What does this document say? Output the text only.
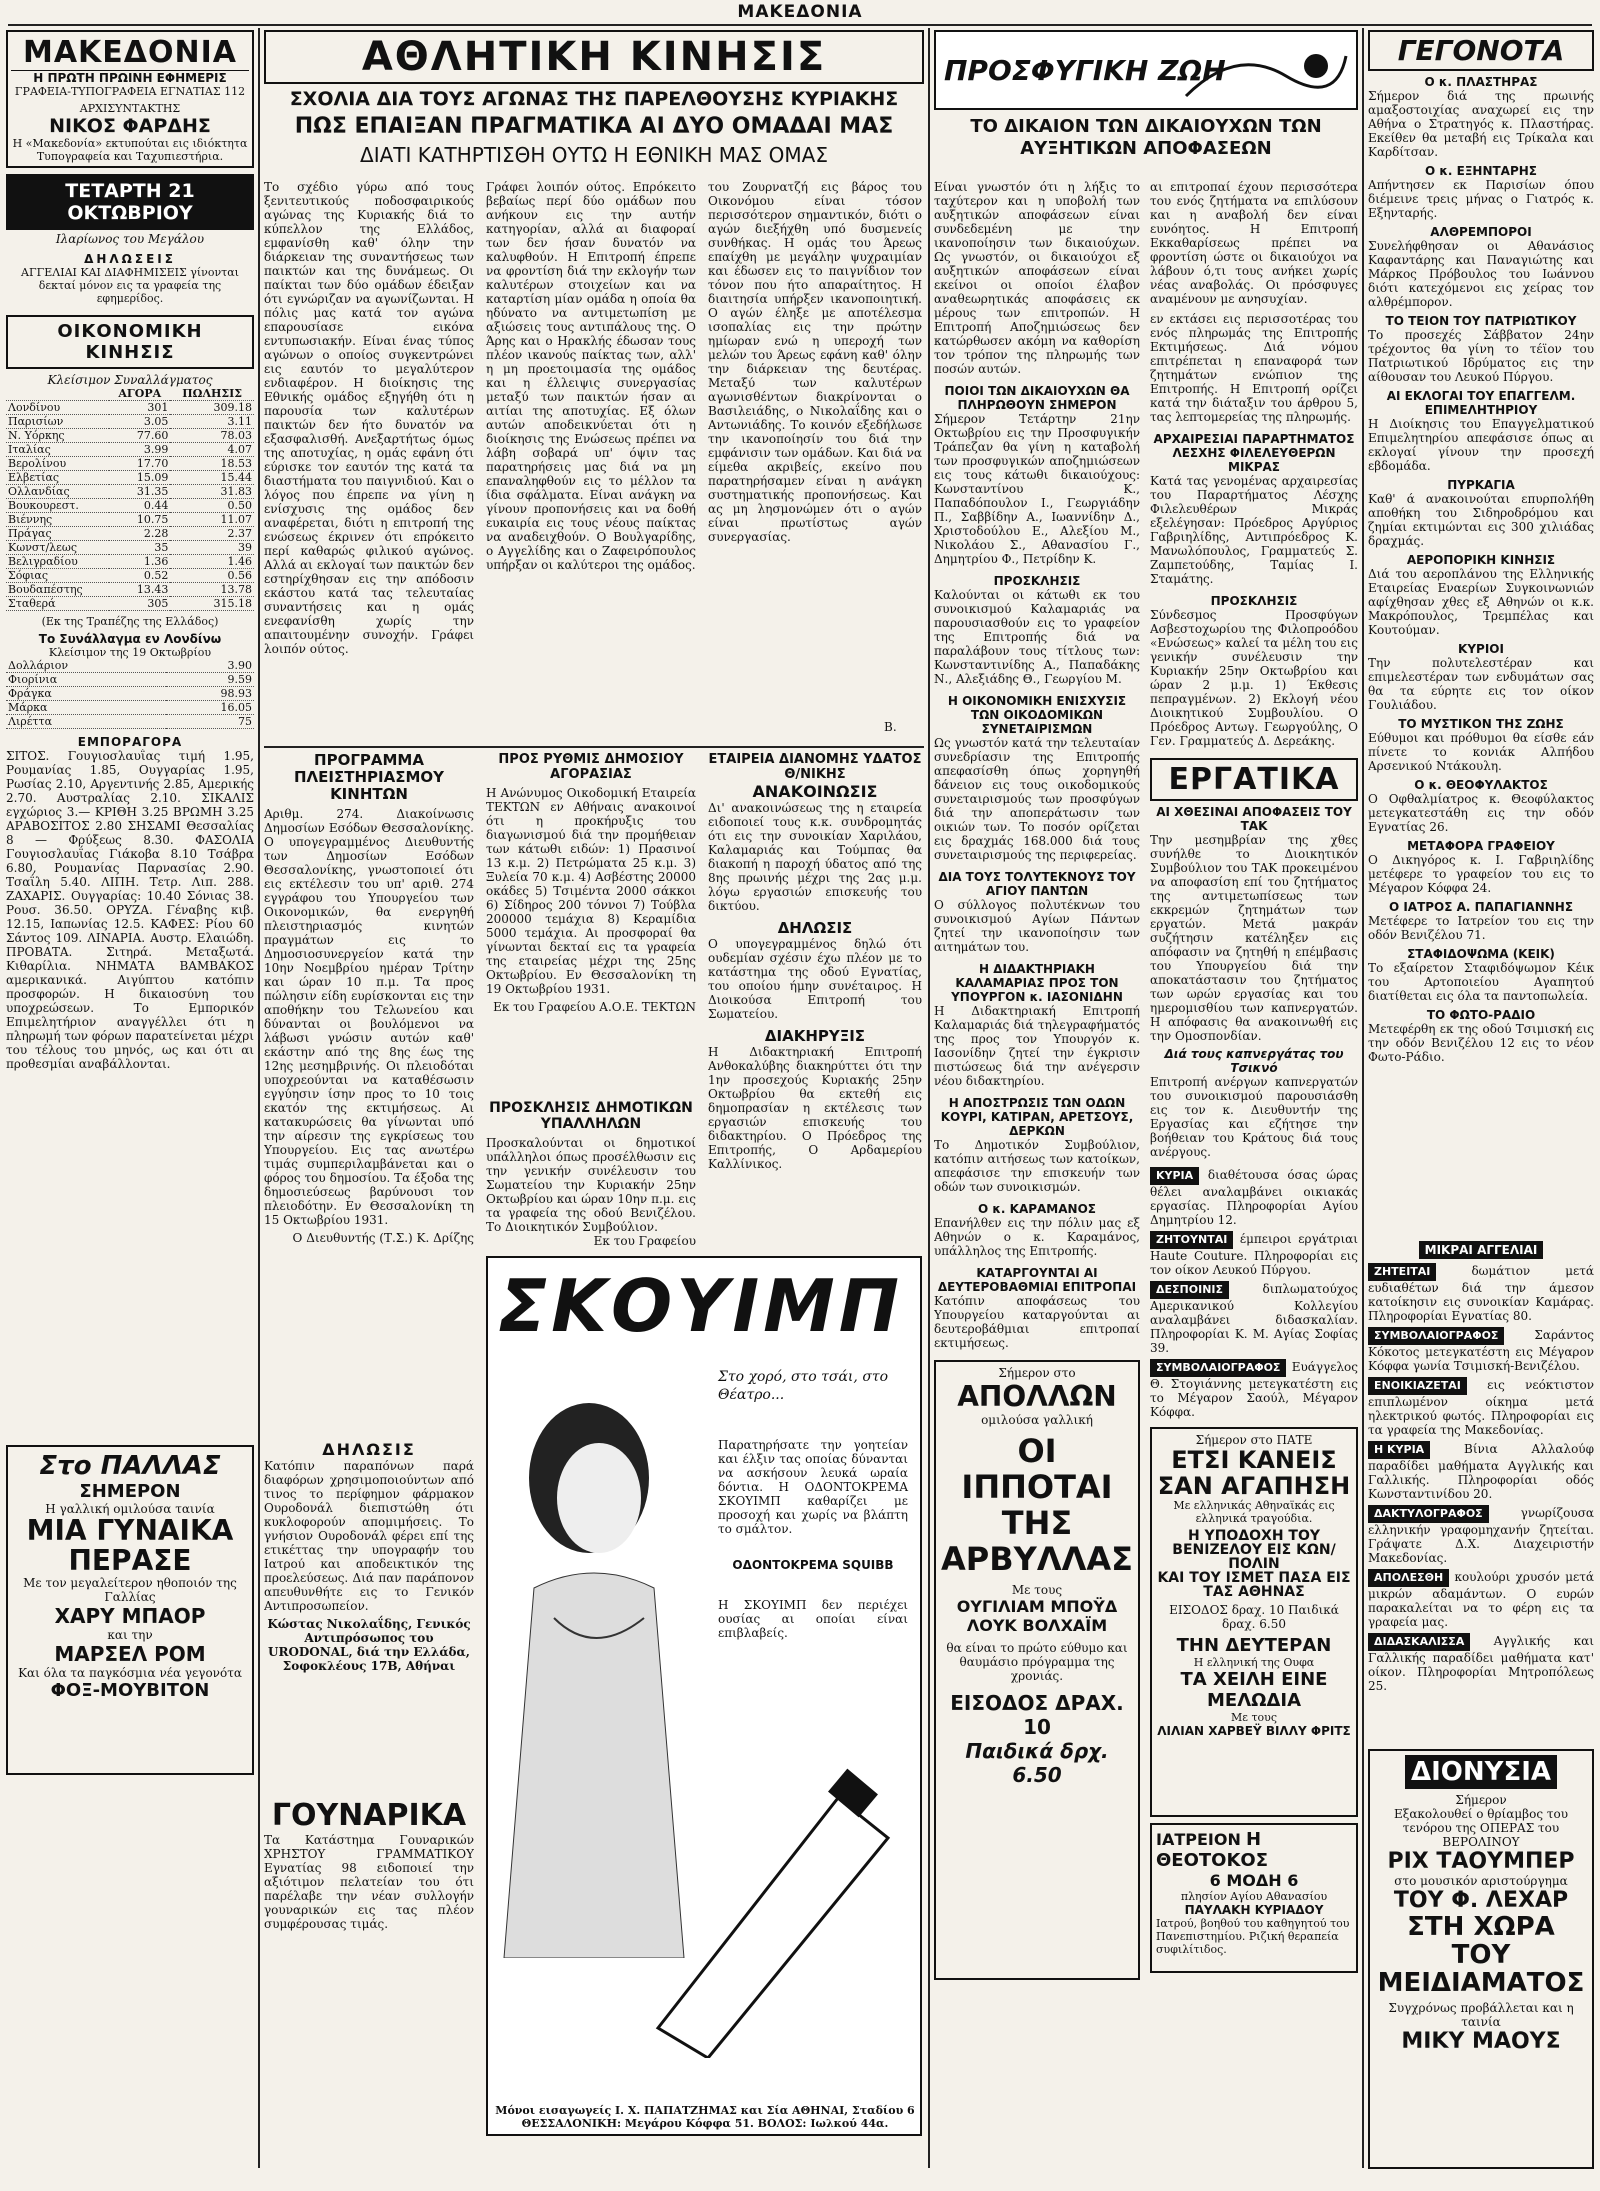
ΜΑΚΕΔΟΝΙΑ
ΜΑΚΕΔΟΝΙΑ
Η ΠΡΩΤΗ ΠΡΩΙΝΗ ΕΦΗΜΕΡΙΣ
ΓΡΑΦΕΙΑ-ΤΥΠΟΓΡΑΦΕΙΑ ΕΓΝΑΤΙΑΣ 112
ΑΡΧΙΣΥΝΤΑΚΤΗΣ
ΝΙΚΟΣ ΦΑΡΔΗΣ
Η «Μακεδονία» εκτυπούται εις ιδιόκτητα Τυπογραφεία και Ταχυπιεστήρια.
ΤΕΤΑΡΤΗ 21 ΟΚΤΩΒΡΙΟΥ
Ιλαρίωνος του Μεγάλου
ΔΗΛΩΣΕΙΣ
ΑΓΓΕΛΙΑΙ ΚΑΙ ΔΙΑΦΗΜΙΣΕΙΣ γίνονται δεκταί μόνον εις τα γραφεία της εφημερίδος.
ΟΙΚΟΝΟΜΙΚΗ ΚΙΝΗΣΙΣ
Κλείσιμον Συναλλάγματος
	ΑΓΟΡΑ	ΠΩΛΗΣΙΣ
Λονδίνου	301	309.18
Παρισίων	3.05	3.11
Ν. Υόρκης	77.60	78.03
Ιταλίας	3.99	4.07
Βερολίνου	17.70	18.53
Ελβετίας	15.09	15.44
Ολλανδίας	31.35	31.83
Βουκουρεστ.	0.44	0.50
Βιέννης	10.75	11.07
Πράγας	2.28	2.37
Κωνστ/λεως	35	39
Βελιγραδίου	1.36	1.46
Σόφιας	0.52	0.56
Βουδαπέστης	13.43	13.78
Σταθερά	305	315.18
(Εκ της Τραπέζης της Ελλάδος)
Το Συνάλλαγμα εν Λονδίνω
Κλείσιμον της 19 Οκτωβρίου
Δολλάριον	3.90
Φιορίνια	9.59
Φράγκα	98.93
Μάρκα	16.05
Λιρέττα	75
ΕΜΠΟΡΑΓΟΡΑ
ΣΙΤΟΣ. Γουγιοσλαυΐας τιμή 1.95, Ρουμανίας 1.85, Ουγγαρίας 1.95, Ρωσίας 2.10, Αργεντινής 2.85, Αμερικής 2.70. Αυστραλίας 2.10. ΣΙΚΑΛΙΣ εγχώριος 3.— ΚΡΙΘΗ 3.25 ΒΡΩΜΗ 3.25 ΑΡΑΒΟΣΙΤΟΣ 2.80 ΣΗΣΑΜΙ Θεσσαλίας 8 — Φρύξεως 8.30. ΦΑΣΟΛΙΑ Γουγιοσλαυΐας Γιάκοβα 8.10 Τσάβρα 6.80, Ρουμανίας Παρνασίας 2.90. Τσαΐλη 5.40. ΛΙΠΗ. Τετρ. Λιπ. 288. ΖΑΧΑΡΙΣ. Ουγγαρίας: 10.40 Σόνιας 38. Ρουσ. 36.50. ΟΡΥΖΑ. Γέναβης κιβ. 12.15, Ιαπωνίας 12.5. ΚΑΦΕΣ: Ρίου 60 Σάντος 109. ΛΙΝΑΡΙΑ. Αυστρ. Ελαιώδη. ΠΡΟΒΑΤΑ. Σιτηρά. Μεταξωτά. Κιθαρίλια. ΝΗΜΑΤΑ ΒΑΜΒΑΚΟΣ αμερικανικά. Αιγύπτου κατόπιν προσφορών. Η δικαιοσύνη του υποχρεώσεων. Το Εμπορικόν Επιμελητήριον αναγγέλλει ότι η πληρωμή των φόρων παρατείνεται μέχρι του τέλους του μηνός, ως και ότι αι προθεσμίαι αναβάλλονται.
Στο ΠΑΛΛΑΣ
ΣΗΜΕΡΟΝ
Η γαλλική ομιλούσα ταινία
ΜΙΑ ΓΥΝΑΙΚΑ ΠΕΡΑΣΕ
Με τον μεγαλείτερον ηθοποιόν της Γαλλίας
ΧΑΡΥ ΜΠΑΟΡ
και την
ΜΑΡΣΕΛ ΡΟΜ
Και όλα τα παγκόσμια νέα γεγονότα
ΦΟΞ-ΜΟΥΒΙΤΟΝ
ΑΘΛΗΤΙΚΗ ΚΙΝΗΣΙΣ
ΣΧΟΛΙΑ ΔΙΑ ΤΟΥΣ ΑΓΩΝΑΣ ΤΗΣ ΠΑΡΕΛΘΟΥΣΗΣ ΚΥΡΙΑΚΗΣ
ΠΩΣ ΕΠΑΙΞΑΝ ΠΡΑΓΜΑΤΙΚΑ ΑΙ ΔΥΟ ΟΜΑΔΑΙ ΜΑΣ
ΔΙΑΤΙ ΚΑΤΗΡΤΙΣΘΗ ΟΥΤΩ Η ΕΘΝΙΚΗ ΜΑΣ ΟΜΑΣ
Το σχέδιο γύρω από τους ξενιτευτικούς ποδοσφαιρικούς αγώνας της Κυριακής διά το κύπελλον της Ελλάδος, εμφανίσθη καθ' όλην την διάρκειαν της συναντήσεως των παικτών και της δυνάμεως. Οι παίκται των δύο ομάδων έδειξαν ότι εγνώριζαν να αγωνίζωνται. Η πόλις μας κατά τον αγώνα επαρουσίασε εικόνα εντυπωσιακήν. Είναι ένας τύπος αγώνων ο οποίος συγκεντρώνει εις εαυτόν το μεγαλύτερον ενδιαφέρον. Η διοίκησις της Εθνικής ομάδος εξηγήθη ότι η παρουσία των καλυτέρων παικτών δεν ήτο δυνατόν να εξασφαλισθή. Ανεξαρτήτως όμως της αποτυχίας, η ομάς εφάνη ότι εύρισκε τον εαυτόν της κατά τα διαστήματα του παιγνιδιού. Και ο λόγος που έπρεπε να γίνη η ενίσχυσις της ομάδος δεν αναφέρεται, διότι η επιτροπή της ενώσεως έκρινεν ότι επρόκειτο περί καθαρώς φιλικού αγώνος. Αλλά αι εκλογαί των παικτών δεν εστηρίχθησαν εις την απόδοσιν εκάστου κατά τας τελευταίας συναντήσεις και η ομάς ενεφανίσθη χωρίς την απαιτουμένην συνοχήν. Γράφει λοιπόν ούτος.
Γράφει λοιπόν ούτος. Επρόκειτο βεβαίως περί δύο ομάδων που ανήκουν εις την αυτήν κατηγορίαν, αλλά αι διαφοραί των δεν ήσαν δυνατόν να καλυφθούν. Η Επιτροπή έπρεπε να φροντίση διά την εκλογήν των καλυτέρων στοιχείων και να καταρτίση μίαν ομάδα η οποία θα ηδύνατο να αντιμετωπίση με αξιώσεις τους αντιπάλους της. Ο Άρης και ο Ηρακλής έδωσαν τους πλέον ικανούς παίκτας των, αλλ' η μη προετοιμασία της ομάδος και η έλλειψις συνεργασίας μεταξύ των παικτών ήσαν αι αιτίαι της αποτυχίας. Εξ όλων αυτών αποδεικνύεται ότι η διοίκησις της Ενώσεως πρέπει να λάβη σοβαρά υπ' όψιν τας παρατηρήσεις μας διά να μη επαναληφθούν εις το μέλλον τα ίδια σφάλματα. Είναι ανάγκη να γίνουν προπονήσεις και να δοθή ευκαιρία εις τους νέους παίκτας να αναδειχθούν. Ο Βουλγαρίδης, ο Αγγελίδης και ο Ζαφειρόπουλος υπήρξαν οι καλύτεροι της ομάδος.
του Ζουρνατζή εις βάρος του Οικονόμου είναι τόσον περισσότερον σημαντικόν, διότι ο αγών διεξήχθη υπό δυσμενείς συνθήκας. Η ομάς του Άρεως επαίχθη με μεγάλην ψυχραιμίαν και έδωσεν εις το παιγνίδιον τον τόνον που ήτο απαραίτητος. Η διαιτησία υπήρξεν ικανοποιητική. Ο αγών έληξε με αποτέλεσμα ισοπαλίας εις την πρώτην ημίωραν ενώ η υπεροχή των μελών του Άρεως εφάνη καθ' όλην την διάρκειαν της δευτέρας. Μεταξύ των καλυτέρων αγωνισθέντων διακρίνονται ο Βασιλειάδης, ο Νικολαΐδης και ο Αντωνιάδης. Το κοινόν εξεδήλωσε την ικανοποίησίν του διά την εμφάνισιν των ομάδων. Και διά να είμεθα ακριβείς, εκείνο που παρατηρήσαμεν είναι η ανάγκη συστηματικής προπονήσεως. Και ας μη λησμονώμεν ότι ο αγών είναι πρωτίστως αγών συνεργασίας.
Β.
ΠΡΟΓΡΑΜΜΑ ΠΛΕΙΣΤΗΡΙΑΣΜΟΥ ΚΙΝΗΤΩΝ
Αριθμ. 274. Διακοίνωσις Δημοσίων Εσόδων Θεσσαλονίκης. Ο υπογεγραμμένος Διευθυντής των Δημοσίων Εσόδων Θεσσαλονίκης, γνωστοποιεί ότι εις εκτέλεσιν του υπ' αριθ. 274 εγγράφου του Υπουργείου των Οικονομικών, θα ενεργηθή πλειστηριασμός κινητών πραγμάτων εις το Δημοσιοσυνεργείον κατά την 10ην Νοεμβρίου ημέραν Τρίτην και ώραν 10 π.μ. Τα προς πώλησιν είδη ευρίσκονται εις την αποθήκην του Τελωνείου και δύνανται οι βουλόμενοι να λάβωσι γνώσιν αυτών καθ' εκάστην από της 8ης έως της 12ης μεσημβρινής. Οι πλειοδόται υποχρεούνται να καταθέσωσιν εγγύησιν ίσην προς το 10 τοις εκατόν της εκτιμήσεως. Αι κατακυρώσεις θα γίνωνται υπό την αίρεσιν της εγκρίσεως του Υπουργείου. Εις τας ανωτέρω τιμάς συμπεριλαμβάνεται και ο φόρος του δημοσίου. Τα έξοδα της δημοσιεύσεως βαρύνουσι τον πλειοδότην. Εν Θεσσαλονίκη τη 15 Οκτωβρίου 1931.
Ο Διευθυντής (Τ.Σ.) Κ. Δρίζης
ΠΡΟΣ ΡΥΘΜΙΣ ΔΗΜΟΣΙΟΥ ΑΓΟΡΑΣΙΑΣ
Η Ανώνυμος Οικοδομική Εταιρεία ΤΕΚΤΩΝ εν Αθήναις ανακοινοί ότι η προκήρυξις του διαγωνισμού διά την προμήθειαν των κάτωθι ειδών: 1) Πρασινοί 13 κ.μ. 2) Πετρώματα 25 κ.μ. 3) Ξυλεία 70 κ.μ. 4) Ασβέστης 20000 οκάδες 5) Τσιμέντα 2000 σάκκοι 6) Σίδηρος 200 τόννοι 7) Τούβλα 200000 τεμάχια 8) Κεραμίδια 5000 τεμάχια. Αι προσφοραί θα γίνωνται δεκταί εις τα γραφεία της εταιρείας μέχρι της 25ης Οκτωβρίου. Εν Θεσσαλονίκη τη 19 Οκτωβρίου 1931.
Εκ του Γραφείου Α.Ο.Ε. ΤΕΚΤΩΝ
ΕΤΑΙΡΕΙΑ ΔΙΑΝΟΜΗΣ ΥΔΑΤΟΣ Θ/ΝΙΚΗΣ
ΑΝΑΚΟΙΝΩΣΙΣ
Δι' ανακοινώσεως της η εταιρεία ειδοποιεί τους κ.κ. συνδρομητάς ότι εις την συνοικίαν Χαριλάου, Καλαμαριάς και Τούμπας θα διακοπή η παροχή ύδατος από της 8ης πρωινής μέχρι της 2ας μ.μ. λόγω εργασιών επισκευής του δικτύου.
ΔΗΛΩΣΙΣ
Ο υπογεγραμμένος δηλώ ότι ουδεμίαν σχέσιν έχω πλέον με το κατάστημα της οδού Εγνατίας, του οποίου ήμην συνέταιρος. Η Διοικούσα Επιτροπή του Σωματείου.
ΔΙΑΚΗΡΥΞΙΣ
Η Διδακτηριακή Επιτροπή Ανθοκαλύβης διακηρύττει ότι την 1ην προσεχούς Κυριακής 25ην Οκτωβρίου θα εκτεθή εις δημοπρασίαν η εκτέλεσις των εργασιών επισκευής του διδακτηρίου. Ο Πρόεδρος της Επιτροπής, Ο Αρδαμερίου Καλλίνικος.
ΠΡΟΣΚΛΗΣΙΣ ΔΗΜΟΤΙΚΩΝ ΥΠΑΛΛΗΛΩΝ
Προσκαλούνται οι δημοτικοί υπάλληλοι όπως προσέλθωσιν εις την γενικήν συνέλευσιν του Σωματείου την Κυριακήν 25ην Οκτωβρίου και ώραν 10ην π.μ. εις τα γραφεία της οδού Βενιζέλου. Το Διοικητικόν Συμβούλιον.
Εκ του Γραφείου
ΣΚΟΥΙΜΠ
Στο χορό, στο τσάι, στο Θέατρο...
Παρατηρήσατε την γοητείαν και έλξιν τας οποίας δύνανται να ασκήσουν λευκά ωραία δόντια. Η ΟΔΟΝΤΟΚΡΕΜΑ ΣΚΟΥΙΜΠ καθαρίζει με προσοχή και χωρίς να βλάπτη το σμάλτον.
ΟΔΟΝΤΟΚΡΕΜΑ SQUIBB
Η ΣΚΟΥΙΜΠ δεν περιέχει ουσίας αι οποίαι είναι επιβλαβείς.
Μόνοι εισαγωγείς Ι. Χ. ΠΑΠΑΤΖΗΜΑΣ και Σία ΑΘΗΝΑΙ, Σταδίου 6 ΘΕΣΣΑΛΟΝΙΚΗ: Μεγάρου Κόφφα 51. ΒΟΛΟΣ: Ιωλκού 44α.
ΔΗΛΩΣΙΣ
Κατόπιν παραπόνων παρά διαφόρων χρησιμοποιούντων από τινος το περίφημον φάρμακον Ουροδονάλ διεπιστώθη ότι κυκλοφορούν απομιμήσεις. Το γνήσιον Ουροδονάλ φέρει επί της ετικέττας την υπογραφήν του Ιατρού και αποδεικτικόν της προελεύσεως. Διά παν παράπονον απευθυνθήτε εις το Γενικόν Αντιπροσωπείον.
Κώστας Νικολαΐδης, Γενικός Αντιπρόσωπος του URODONAL, διά την Ελλάδα, Σοφοκλέους 17Β, Αθήναι
ΓΟΥΝΑΡΙΚΑ
Τα Κατάστημα Γουναρικών ΧΡΗΣΤΟΥ ΓΡΑΜΜΑΤΙΚΟΥ Εγνατίας 98 ειδοποιεί την αξιότιμον πελατείαν του ότι παρέλαβε την νέαν συλλογήν γουναρικών εις τας πλέον συμφέρουσας τιμάς.
ΠΡΟΣΦΥΓΙΚΗ ΖΩΗ
ΤΟ ΔΙΚΑΙΟΝ ΤΩΝ ΔΙΚΑΙΟΥΧΩΝ ΤΩΝ ΑΥΞΗΤΙΚΩΝ ΑΠΟΦΑΣΕΩΝ
Είναι γνωστόν ότι η λήξις το ταχύτερον και η υποβολή των αυξητικών αποφάσεων είναι συνδεδεμένη με την ικανοποίησιν των δικαιούχων. Ως γνωστόν, οι δικαιούχοι εξ αυξητικών αποφάσεων είναι εκείνοι οι οποίοι έλαβον αναθεωρητικάς αποφάσεις εκ μέρους των επιτροπών. Η Επιτροπή Αποζημιώσεως δεν κατώρθωσεν ακόμη να καθορίση τον τρόπον της πληρωμής των ποσών αυτών.
ΠΟΙΟΙ ΤΩΝ ΔΙΚΑΙΟΥΧΩΝ ΘΑ ΠΛΗΡΩΘΟΥΝ ΣΗΜΕΡΟΝ
Σήμερον Τετάρτην 21ην Οκτωβρίου εις την Προσφυγικήν Τράπεζαν θα γίνη η καταβολή των προσφυγικών αποζημιώσεων εις τους κάτωθι δικαιούχους: Κωνσταντίνου Κ., Παπαδόπουλον Ι., Γεωργιάδην Π., Σαββίδην Α., Ιωαννίδην Δ., Χριστοδούλου Ε., Αλεξίου Μ., Νικολάου Σ., Αθανασίου Γ., Δημητρίου Φ., Πετρίδην Κ.
ΠΡΟΣΚΛΗΣΙΣ
Καλούνται οι κάτωθι εκ του συνοικισμού Καλαμαριάς να παρουσιασθούν εις το γραφείον της Επιτροπής διά να παραλάβουν τους τίτλους των: Κωνσταντινίδης Α., Παπαδάκης Ν., Αλεξιάδης Θ., Γεωργίου Μ.
Η ΟΙΚΟΝΟΜΙΚΗ ΕΝΙΣΧΥΣΙΣ ΤΩΝ ΟΙΚΟΔΟΜΙΚΩΝ ΣΥΝΕΤΑΙΡΙΣΜΩΝ
Ως γνωστόν κατά την τελευταίαν συνεδρίασιν της Επιτροπής απεφασίσθη όπως χορηγηθή δάνειον εις τους οικοδομικούς συνεταιρισμούς των προσφύγων διά την αποπεράτωσιν των οικιών των. Το ποσόν ορίζεται εις δραχμάς 168.000 διά τους συνεταιρισμούς της περιφερείας.
ΔΙΑ ΤΟΥΣ ΤΟΛΥΤΕΚΝΟΥΣ ΤΟΥ ΑΓΙΟΥ ΠΑΝΤΩΝ
Ο σύλλογος πολυτέκνων του συνοικισμού Αγίων Πάντων ζητεί την ικανοποίησιν των αιτημάτων του.
Η ΔΙΔΑΚΤΗΡΙΑΚΗ ΚΑΛΑΜΑΡΙΑΣ ΠΡΟΣ ΤΟΝ ΥΠΟΥΡΓΟΝ κ. ΙΑΣΟΝΙΔΗΝ
Η Διδακτηριακή Επιτροπή Καλαμαριάς διά τηλεγραφήματός της προς τον Υπουργόν κ. Ιασονίδην ζητεί την έγκρισιν πιστώσεως διά την ανέγερσιν νέου διδακτηρίου.
Η ΑΠΟΣΤΡΩΣΙΣ ΤΩΝ ΟΔΩΝ ΚΟΥΡΙ, ΚΑΤΙΡΑΝ, ΑΡΕΤΣΟΥΣ, ΔΕΡΚΩΝ
Το Δημοτικόν Συμβούλιον, κατόπιν αιτήσεως των κατοίκων, απεφάσισε την επισκευήν των οδών των συνοικισμών.
Ο κ. ΚΑΡΑΜΑΝΟΣ
Επανήλθεν εις την πόλιν μας εξ Αθηνών ο κ. Καραμάνος, υπάλληλος της Επιτροπής.
ΚΑΤΑΡΓΟΥΝΤΑΙ ΑΙ ΔΕΥΤΕΡΟΒΑΘΜΙΑΙ ΕΠΙΤΡΟΠΑΙ
Κατόπιν αποφάσεως του Υπουργείου καταργούνται αι δευτεροβάθμιαι επιτροπαί εκτιμήσεως.
Σήμερον στο
ΑΠΟΛΛΩΝ
ομιλούσα γαλλική
ΟΙ ΙΠΠΟΤΑΙ ΤΗΣ ΑΡΒΥΛΛΑΣ
Με τους
ΟΥΓΙΛΙΑΜ ΜΠΟΫΔ ΛΟΥΚ ΒΟΛΧΑΪΜ
θα είναι το πρώτο εύθυμο και θαυμάσιο πρόγραμμα της χρονιάς.
ΕΙΣΟΔΟΣ ΔΡΑΧ. 10
Παιδικά δρχ. 6.50
αι επιτροπαί έχουν περισσότερα του ενός ζητήματα να επιλύσουν και η αναβολή δεν είναι ευνόητος. Η Επιτροπή Εκκαθαρίσεως πρέπει να φροντίση ώστε οι δικαιούχοι να λάβουν ό,τι τους ανήκει χωρίς νέας αναβολάς. Οι πρόσφυγες αναμένουν με ανησυχίαν.
εν εκτάσει εις περισσοτέρας του ενός πληρωμάς της Επιτροπής Εκτιμήσεως. Διά νόμου επιτρέπεται η επαναφορά των ζητημάτων ενώπιον της Επιτροπής. Η Επιτροπή ορίζει κατά την διάταξιν του άρθρου 5, τας λεπτομερείας της πληρωμής.
ΑΡΧΑΙΡΕΣΙΑΙ ΠΑΡΑΡΤΗΜΑΤΟΣ ΛΕΣΧΗΣ ΦΙΛΕΛΕΥΘΕΡΩΝ ΜΙΚΡΑΣ
Κατά τας γενομένας αρχαιρεσίας του Παραρτήματος Λέσχης Φιλελευθέρων Μικράς εξελέγησαν: Πρόεδρος Αργύριος Γαβριηλίδης, Αντιπρόεδρος Κ. Μανωλόπουλος, Γραμματεύς Σ. Ζαμπετούδης, Ταμίας Ι. Σταμάτης.
ΠΡΟΣΚΛΗΣΙΣ
Σύνδεσμος Προσφύγων Ασβεστοχωρίου της Φιλοπροόδου «Ενώσεως» καλεί τα μέλη του εις γενικήν συνέλευσιν την Κυριακήν 25ην Οκτωβρίου και ώραν 2 μ.μ. 1) Έκθεσις πεπραγμένων. 2) Εκλογή νέου Διοικητικού Συμβουλίου. Ο Πρόεδρος Αντωγ. Γεωργούλης, Ο Γεν. Γραμματεύς Δ. Δερεάκης.
ΕΡΓΑΤΙΚΑ
ΑΙ ΧΘΕΣΙΝΑΙ ΑΠΟΦΑΣΕΙΣ ΤΟΥ ΤΑΚ
Την μεσημβρίαν της χθες συνήλθε το Διοικητικόν Συμβούλιον του ΤΑΚ προκειμένου να αποφασίση επί του ζητήματος της αντιμετωπίσεως των εκκρεμών ζητημάτων των εργατών. Μετά μακράν συζήτησιν κατέληξεν εις απόφασιν να ζητηθή η επέμβασις του Υπουργείου διά την αποκατάστασιν του ζητήματος των ωρών εργασίας και του ημερομισθίου των καπνεργατών. Η απόφασις θα ανακοινωθή εις την Ομοσπονδίαν.
Διά τους καπνεργάτας του Τσικνό
Επιτροπή ανέργων καπνεργατών του συνοικισμού παρουσιάσθη εις τον κ. Διευθυντήν της Εργασίας και εζήτησε την βοήθειαν του Κράτους διά τους ανέργους.
ΚΥΡΙΑ διαθέτουσα όσας ώρας θέλει αναλαμβάνει οικιακάς εργασίας. Πληροφορίαι Αγίου Δημητρίου 12.
ΖΗΤΟΥΝΤΑΙ έμπειροι εργάτριαι Haute Couture. Πληροφορίαι εις τον οίκον Λευκού Πύργου.
ΔΕΣΠΟΙΝΙΣ	διπλωματούχος Αμερικανικού Κολλεγίου αναλαμβάνει διδασκαλίαν. Πληροφορίαι Κ. Μ. Αγίας Σοφίας 39.
ΣΥΜΒΟΛΑΙΟΓΡΑΦΟΣ Ευάγγελος Θ. Στογιάννης μετεγκατέστη εις το Μέγαρον Σαούλ, Μέγαρον Κόφφα.
Σήμερον στο ΠΑΤΕ
ΕΤΣΙ ΚΑΝΕΙΣ ΣΑΝ ΑΓΑΠΗΣΗ
Με ελληνικάς Αθηναϊκάς εις ελληνικά τραγούδια.
Η ΥΠΟΔΟΧΗ ΤΟΥ ΒΕΝΙΖΕΛΟΥ ΕΙΣ ΚΩΝ/ΠΟΛΙΝ
ΚΑΙ ΤΟΥ ΙΣΜΕΤ ΠΑΣΑ ΕΙΣ ΤΑΣ ΑΘΗΝΑΣ
ΕΙΣΟΔΟΣ δραχ. 10 Παιδικά δραχ. 6.50
ΤΗΝ ΔΕΥΤΕΡΑΝ
Η ελληνική της Ουφα
ΤΑ ΧΕΙΛΗ ΕΙΝΕ ΜΕΛΩΔΙΑ
Με τους
ΛΙΛΙΑΝ ΧΑΡΒΕΫ ΒΙΛΛΥ ΦΡΙΤΣ
ΙΑΤΡΕΙΟΝ Η ΘΕΟΤΟΚΟΣ
6 ΜΟΔΗ 6
πλησίον Αγίου Αθανασίου
ΠΑΥΛΑΚΗ ΚΥΡΙΑΔΟΥ
Ιατρού, βοηθού του καθηγητού του Πανεπιστημίου. Ριζική θεραπεία συφιλίτιδος.
ΓΕΓΟΝΟΤΑ
Ο κ. ΠΛΑΣΤΗΡΑΣ
Σήμερον διά της πρωινής αμαξοστοιχίας αναχωρεί εις την Αθήνα ο Στρατηγός κ. Πλαστήρας. Εκείθεν θα μεταβή εις Τρίκαλα και Καρδίτσαν.
Ο κ. ΕΞΗΝΤΑΡΗΣ
Απήντησεν εκ Παρισίων όπου διέμεινε τρεις μήνας ο Γιατρός κ. Εξηνταρής.
ΑΛΘΡΕΜΠΟΡΟΙ
Συνελήφθησαν οι Αθανάσιος Καφαντάρης και Παναγιώτης και Μάρκος Πρόβουλος του Ιωάννου διότι κατεχόμενοι εις χείρας τον αλθρέμπορον.
ΤΟ ΤΕΙΟΝ ΤΟΥ ΠΑΤΡΙΩΤΙΚΟΥ
Το προσεχές Σάββατον 24ην τρέχοντος θα γίνη το τέϊον του Πατριωτικού Ιδρύματος εις την αίθουσαν του Λευκού Πύργου.
ΑΙ ΕΚΛΟΓΑΙ ΤΟΥ ΕΠΑΓΓΕΛΜ. ΕΠΙΜΕΛΗΤΗΡΙΟΥ
Η Διοίκησις του Επαγγελματικού Επιμελητηρίου απεφάσισε όπως αι εκλογαί γίνουν την προσεχή εβδομάδα.
ΠΥΡΚΑΓΙΑ
Καθ' ά ανακοινούται επυρπολήθη αποθήκη του Σιδηροδρόμου και ζημίαι εκτιμώνται εις 300 χιλιάδας δραχμάς.
ΑΕΡΟΠΟΡΙΚΗ ΚΙΝΗΣΙΣ
Διά του αεροπλάνου της Ελληνικής Εταιρείας Εναερίων Συγκοινωνιών αφίχθησαν χθες εξ Αθηνών οι κ.κ. Μακρόπουλος, Τρεμπέλας και Κουτούμαν.
ΚΥΡΙΟΙ
Την πολυτελεστέραν και επιμελεστέραν των ενδυμάτων σας θα τα εύρητε εις τον οίκον Γουλιάδου.
ΤΟ ΜΥΣΤΙΚΟΝ ΤΗΣ ΖΩΗΣ
Εύθυμοι και πρόθυμοι θα είσθε εάν πίνετε το κονιάκ Αλπήδου Αρσενικού Ντάκουλη.
Ο κ. ΘΕΟΦΥΛΑΚΤΟΣ
Ο Οφθαλμίατρος κ. Θεοφύλακτος μετεγκατεστάθη εις την οδόν Εγνατίας 26.
ΜΕΤΑΦΟΡΑ ΓΡΑΦΕΙΟΥ
Ο Δικηγόρος κ. Ι. Γαβριηλίδης μετέφερε το γραφείον του εις το Μέγαρον Κόφφα 24.
Ο ΙΑΤΡΟΣ Α. ΠΑΠΑΓΙΑΝΝΗΣ
Μετέφερε το Ιατρείον του εις την οδόν Βενιζέλου 71.
ΣΤΑΦΙΔΟΨΩΜΑ (ΚΕΙΚ)
Το εξαίρετον Σταφιδόψωμον Κέικ του Αρτοποιείου Αγαπητού διατίθεται εις όλα τα παντοπωλεία.
ΤΟ ΦΩΤΟ-ΡΑΔΙΟ
Μετεφέρθη εκ της οδού Τσιμισκή εις την οδόν Βενιζέλου 12 εις το νέον Φωτο-Ράδιο.
ΜΙΚΡΑΙ ΑΓΓΕΛΙΑΙ
ΖΗΤΕΙΤΑΙ	δωμάτιον μετά ευδιαθέτων διά την άμεσον κατοίκησιν εις συνοικίαν Καμάρας. Πληροφορίαι Εγνατίας 80.
ΣΥΜΒΟΛΑΙΟΓΡΑΦΟΣ	Σαράντος Κόκοτος μετεγκατέστη εις Μέγαρον Κόφφα γωνία Τσιμισκή-Βενιζέλου.
ΕΝΟΙΚΙΑΖΕΤΑΙ εις νεόκτιστον επιπλωμένον οίκημα μετά ηλεκτρικού φωτός. Πληροφορίαι εις τα γραφεία της Μακεδονίας.
Η ΚΥΡΙΑ	Βίνια Αλλαλούφ παραδίδει μαθήματα Αγγλικής και Γαλλικής. Πληροφορίαι οδός Κωνσταντινίδου 20.
ΔΑΚΤΥΛΟΓΡΑΦΟΣ	γνωρίζουσα ελληνικήν γραφομηχανήν ζητείται. Γράψατε Δ.Χ. Διαχειριστήν Μακεδονίας.
ΑΠΟΛΕΣΘΗ κουλούρι χρυσόν μετά μικρών αδαμάντων. Ο ευρών παρακαλείται να το φέρη εις τα γραφεία μας.
ΔΙΔΑΣΚΑΛΙΣΣΑ Αγγλικής και Γαλλικής παραδίδει μαθήματα κατ' οίκον. Πληροφορίαι Μητροπόλεως 25.
ΔΙΟΝΥΣΙΑ
Σήμερον
Εξακολουθεί ο θρίαμβος του τενόρου της ΟΠΕΡΑΣ του ΒΕΡΟΛΙΝΟΥ
ΡΙΧ ΤΑΟΥΜΠΕΡ
στο μουσικόν αριστούργημα
ΤΟΥ Φ. ΛΕΧΑΡ
ΣΤΗ ΧΩΡΑ ΤΟΥ ΜΕΙΔΙΑΜΑΤΟΣ
Συγχρόνως προβάλλεται και η ταινία
ΜΙΚΥ ΜΑΟΥΣ
